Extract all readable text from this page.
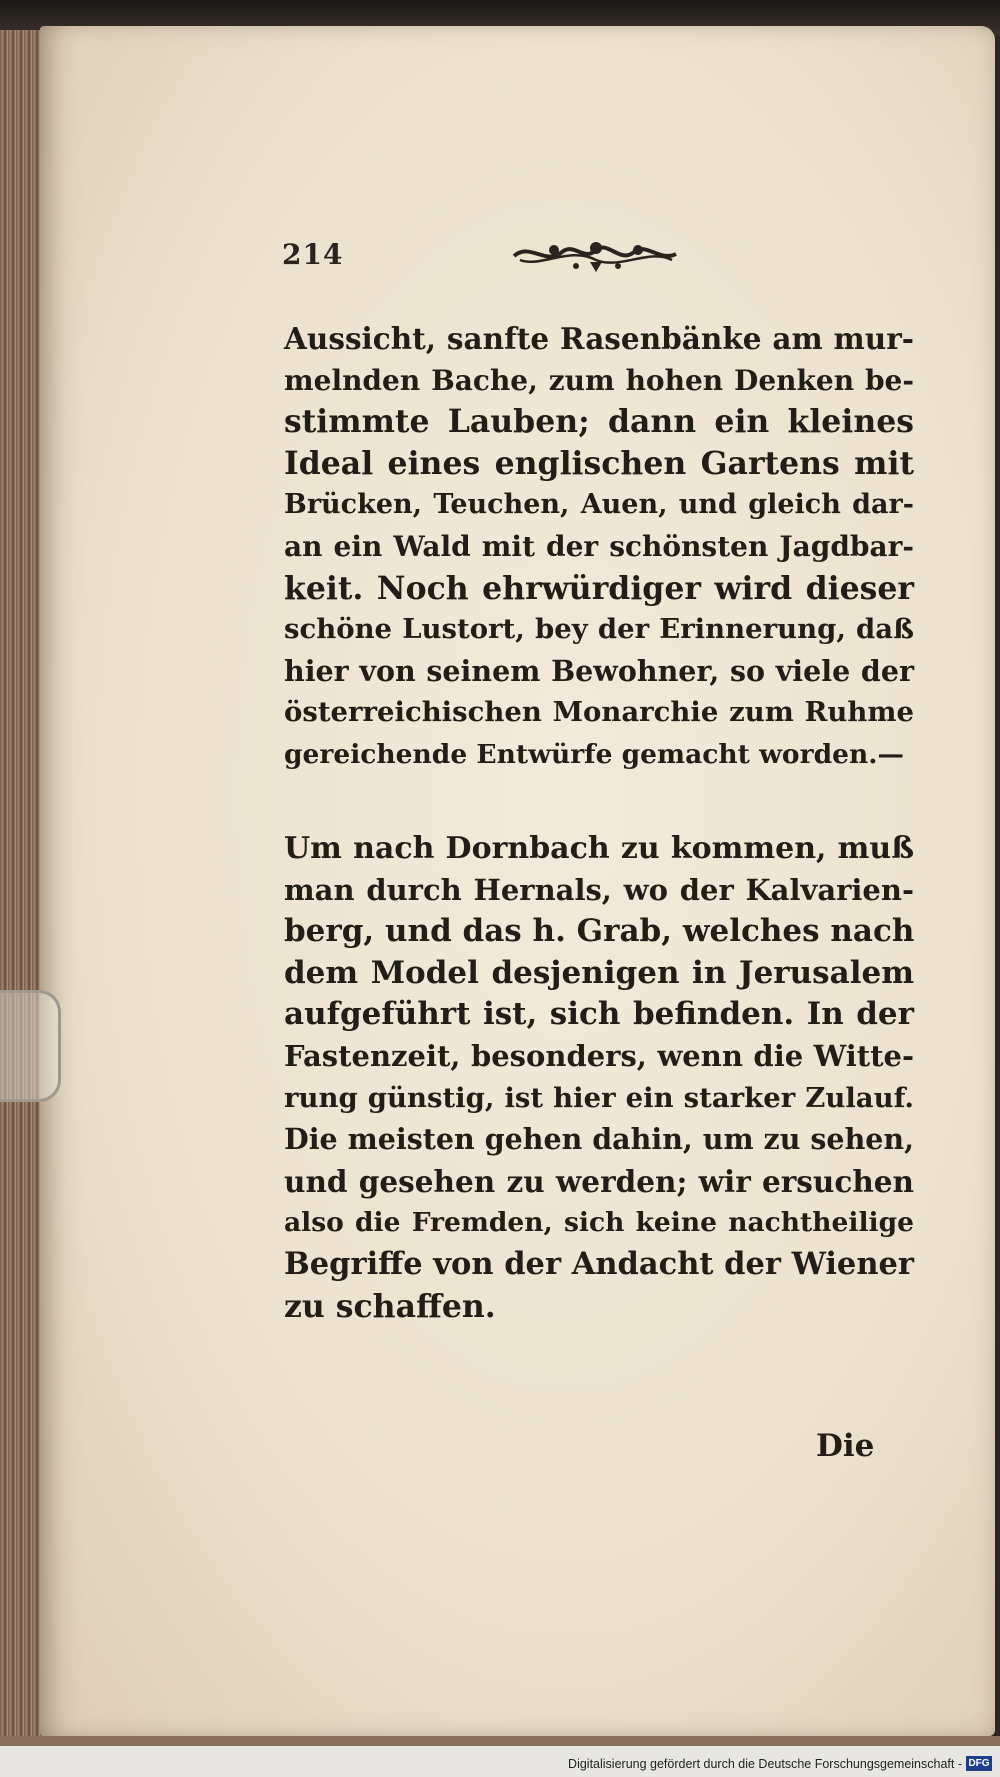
214
Aussicht, sanfte Rasenbänke am mur-
melnden Bache, zum hohen Denken be-
stimmte Lauben; dann ein kleines
Ideal eines englischen Gartens mit
Brücken, Teuchen, Auen, und gleich dar-
an ein Wald mit der schönsten Jagdbar-
keit. Noch ehrwürdiger wird dieser
schöne Lustort, bey der Erinnerung, daß
hier von seinem Bewohner, so viele der
österreichischen Monarchie zum Ruhme
gereichende Entwürfe gemacht worden.—
Um nach Dornbach zu kommen, muß
man durch Hernals, wo der Kalvarien-
berg, und das h. Grab, welches nach
dem Model desjenigen in Jerusalem
aufgeführt ist, sich befinden. In der
Fastenzeit, besonders, wenn die Witte-
rung günstig, ist hier ein starker Zulauf.
Die meisten gehen dahin, um zu sehen,
und gesehen zu werden; wir ersuchen
also die Fremden, sich keine nachtheilige
Begriffe von der Andacht der Wiener
zu schaffen.
Die
Digitalisierung gefördert durch die Deutsche Forschungsgemeinschaft - DFG
